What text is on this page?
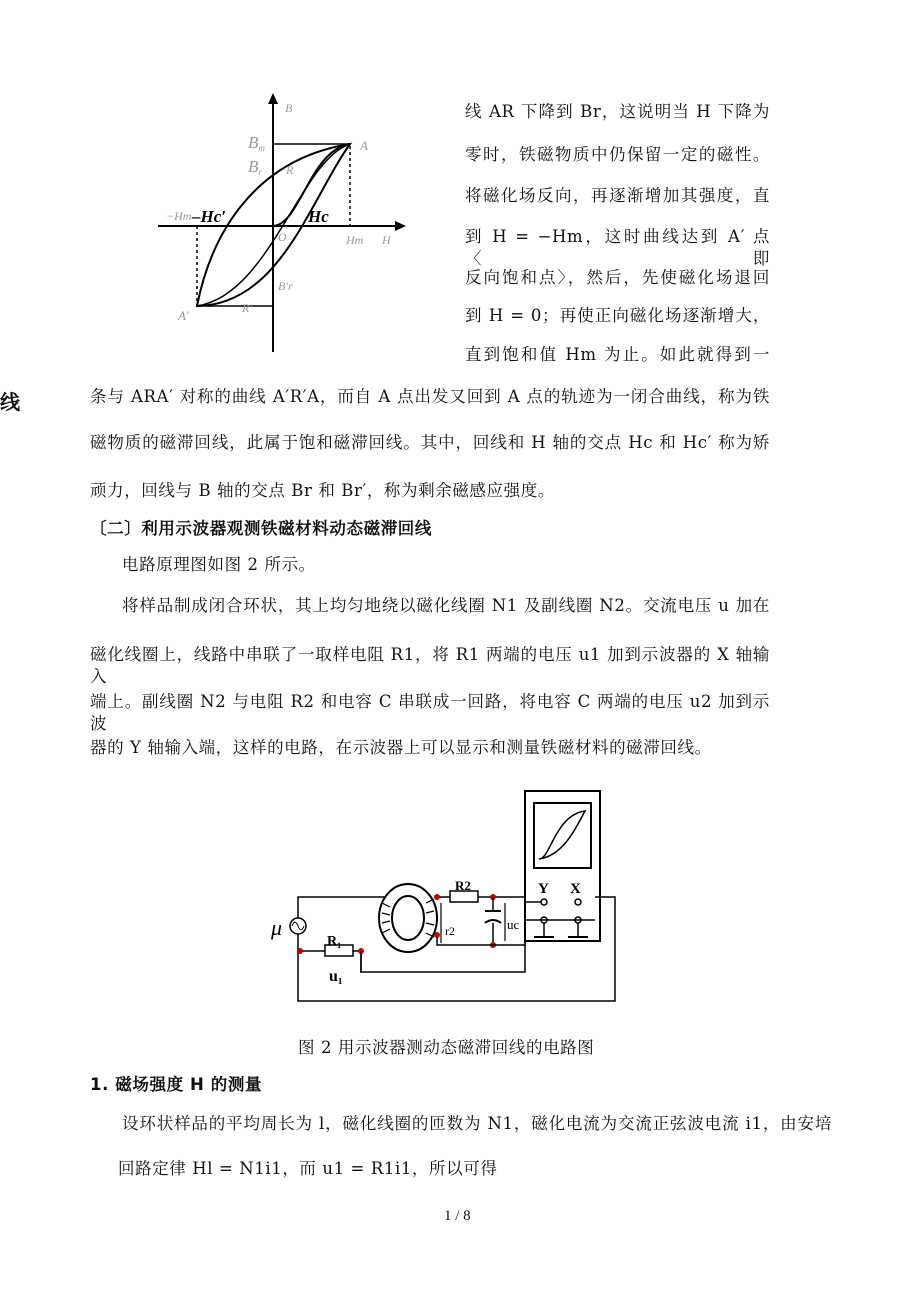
线
B
Bm
Br
A
R
−Hm –Hc′	Hc
O	Hm H
B′r
A′	R′
线 AR 下降到 Br，这说明当 H 下降为
零时，铁磁物质中仍保留一定的磁性。
将磁化场反向，再逐渐增加其强度，直
到 H = −Hm，这时曲线达到 A′ 点〈即
反向饱和点〉，然后，先使磁化场退回
到 H = 0；再使正向磁化场逐渐增大，
直到饱和值 Hm 为止。如此就得到一
条与 ARA′ 对称的曲线 A′R′A，而自 A 点出发又回到 A 点的轨迹为一闭合曲线，称为铁
磁物质的磁滞回线，此属于饱和磁滞回线。其中，回线和 H 轴的交点 Hc 和 Hc′ 称为矫
顽力，回线与 B 轴的交点 Br 和 Br′，称为剩余磁感应强度。
〔二〕利用示波器观测铁磁材料动态磁滞回线
电路原理图如图 2 所示。
将样品制成闭合环状，其上均匀地绕以磁化线圈 N1 及副线圈 N2。交流电压 u 加在
磁化线圈上，线路中串联了一取样电阻 R1，将 R1 两端的电压 u1 加到示波器的 X 轴输入
端上。副线圈 N2 与电阻 R2 和电容 C 串联成一回路，将电容 C 两端的电压 u2 加到示波
器的 Y 轴输入端，这样的电路，在示波器上可以显示和测量铁磁材料的磁滞回线。
Y X
μ
R₁
u₁
R2
r2	uc
图 2 用示波器测动态磁滞回线的电路图
1. 磁场强度 H 的测量
设环状样品的平均周长为 l，磁化线圈的匝数为 N1，磁化电流为交流正弦波电流 i1，由安培
回路定律 Hl = N1i1，而 u1 = R1i1，所以可得
1 / 8
